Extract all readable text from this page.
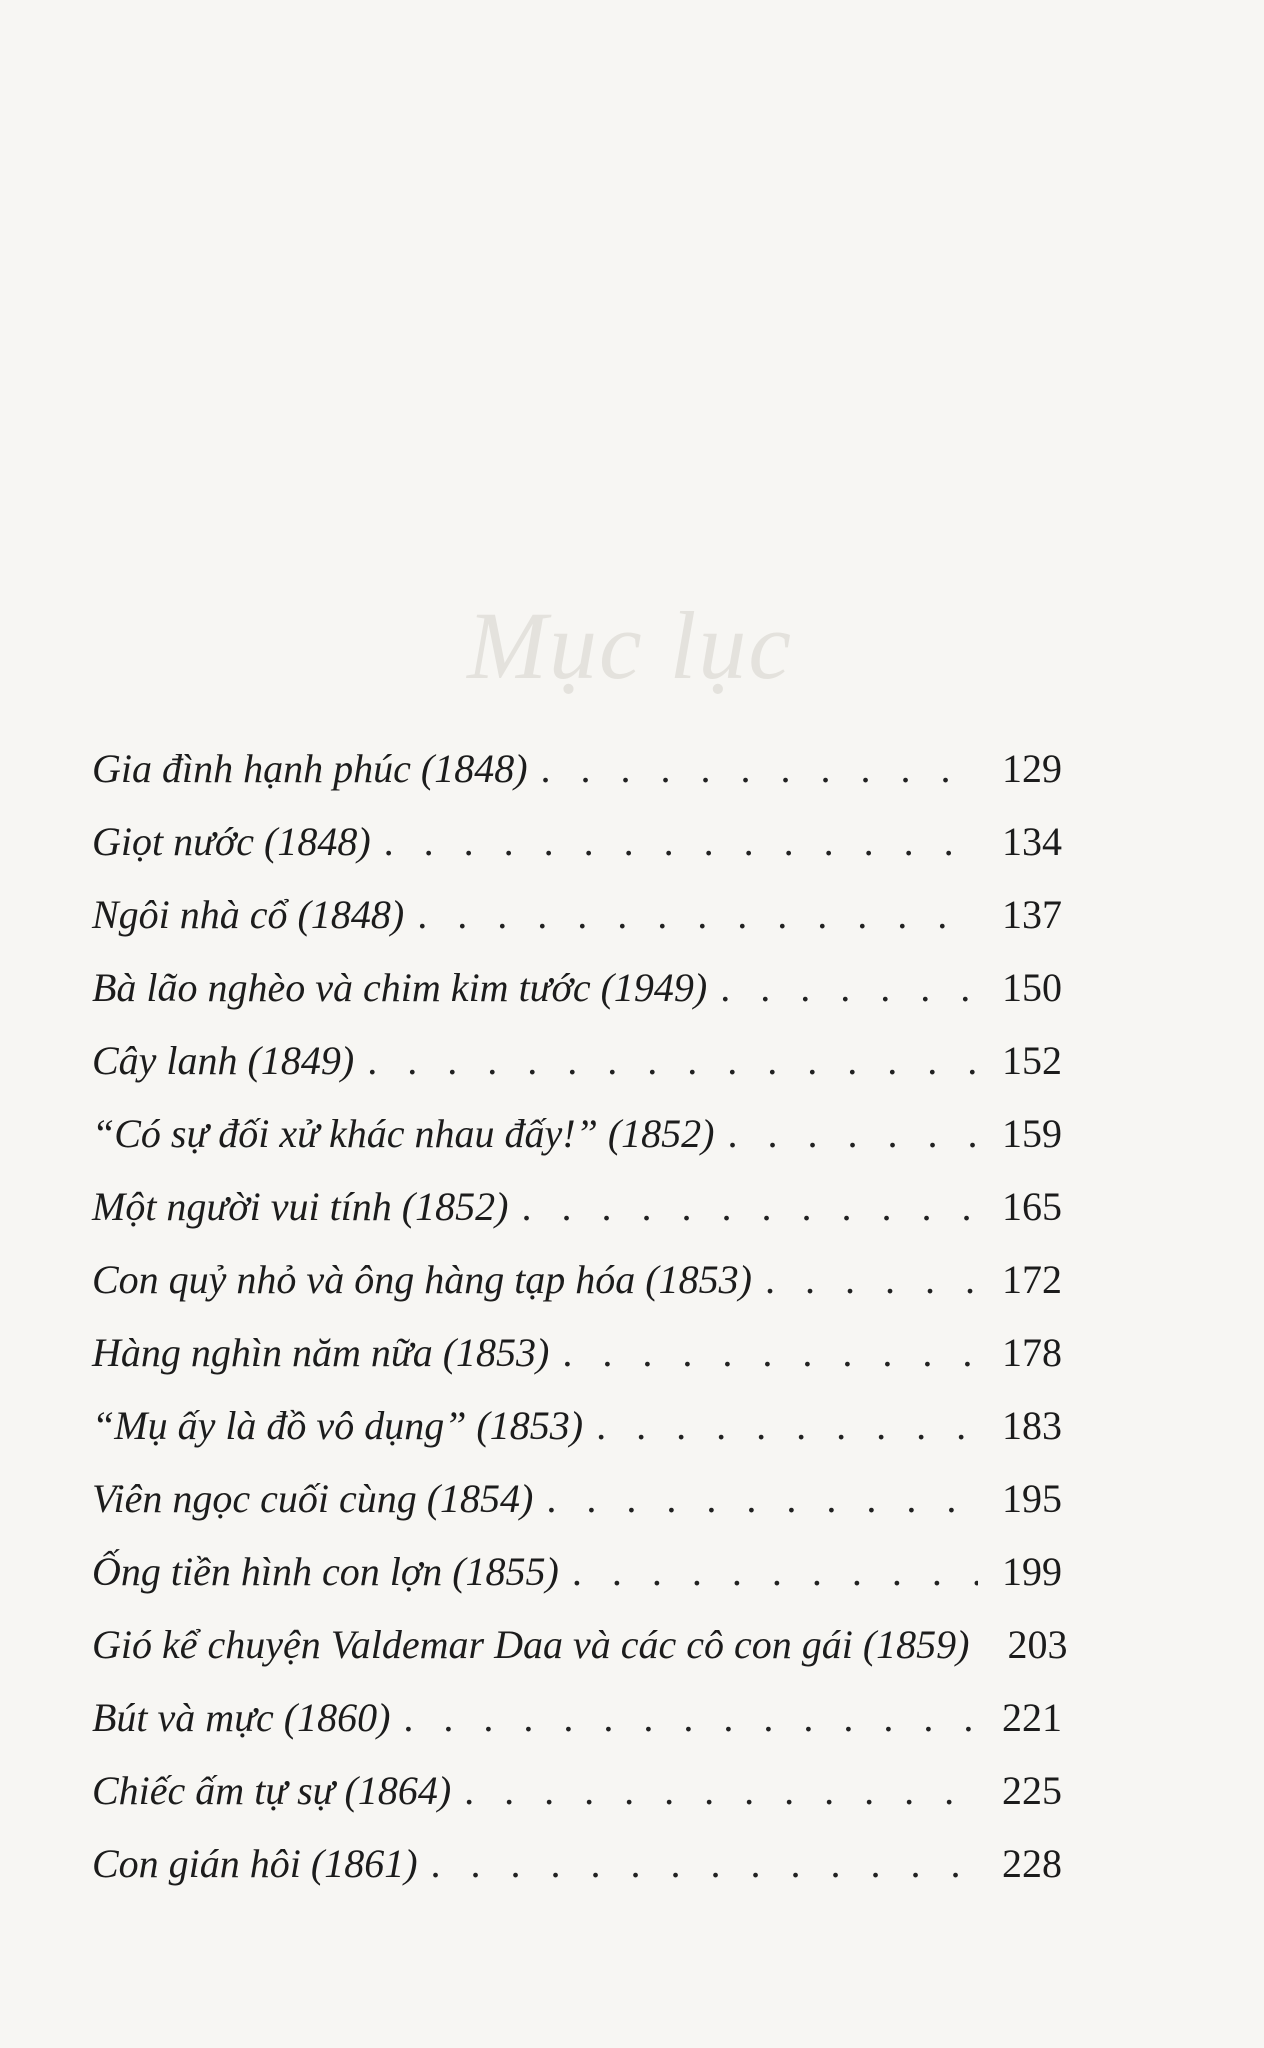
Mục lục
Gia đình hạnh phúc (1848) . . .	129
Giọt nước (1848) . . .	134
Ngôi nhà cổ (1848) . . .	137
Bà lão nghèo và chim kim tước (1949) . . .	150
Cây lanh (1849) . . .	152
“Có sự đối xử khác nhau đấy!” (1852) . . .	159
Một người vui tính (1852) . . .	165
Con quỷ nhỏ và ông hàng tạp hóa (1853) . . .	172
Hàng nghìn năm nữa (1853) . . .	178
“Mụ ấy là đồ vô dụng” (1853) . . .	183
Viên ngọc cuối cùng (1854) . . .	195
Ống tiền hình con lợn (1855) . . .	199
Gió kể chuyện Valdemar Daa và các cô con gái (1859) 203
Bút và mực (1860) . . .	221
Chiếc ấm tự sự (1864) . . .	225
Con gián hôi (1861) . . .	228
